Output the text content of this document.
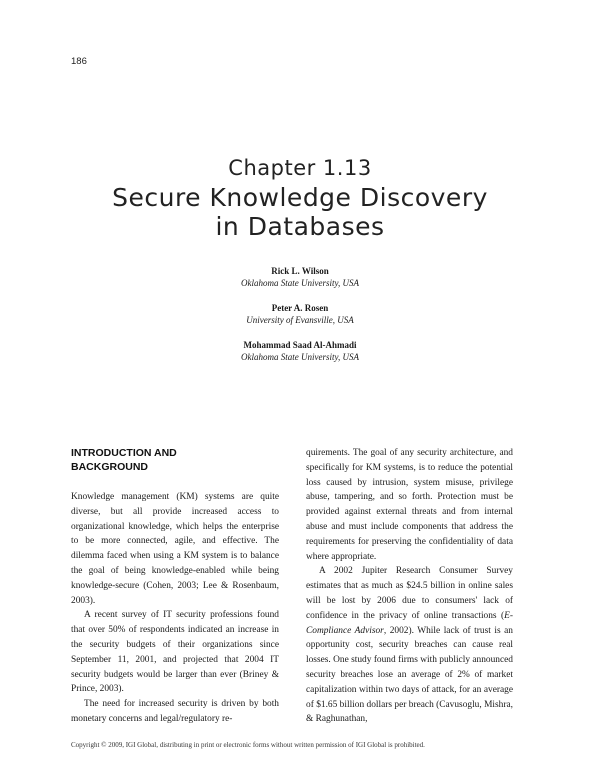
186
Chapter 1.13
Secure Knowledge Discovery
in Databases
Rick L. Wilson
Oklahoma State University, USA
Peter A. Rosen
University of Evansville, USA
Mohammad Saad Al-Ahmadi
Oklahoma State University, USA
INTRODUCTION AND
BACKGROUND

Knowledge management (KM) systems are quite diverse, but all provide increased access to organizational knowledge, which helps the enterprise to be more connected, agile, and effective. The dilemma faced when using a KM system is to balance the goal of being knowledge-enabled while being knowledge-secure (Cohen, 2003; Lee & Rosenbaum, 2003).

A recent survey of IT security professions found that over 50% of respondents indicated an increase in the security budgets of their organizations since September 11, 2001, and projected that 2004 IT security budgets would be larger than ever (Briney & Prince, 2003).

The need for increased security is driven by both monetary concerns and legal/regulatory re-

quirements. The goal of any security architecture, and specifically for KM systems, is to reduce the potential loss caused by intrusion, system misuse, privilege abuse, tampering, and so forth. Protection must be provided against external threats and from internal abuse and must include components that address the requirements for preserving the confidentiality of data where appropriate.

A 2002 Jupiter Research Consumer Survey estimates that as much as $24.5 billion in online sales will be lost by 2006 due to consumers' lack of confidence in the privacy of online transactions (E-Compliance Advisor, 2002). While lack of trust is an opportunity cost, security breaches can cause real losses. One study found firms with publicly announced security breaches lose an average of 2% of market capitalization within two days of attack, for an average of $1.65 billion dollars per breach (Cavusoglu, Mishra, & Raghunathan,

Copyright © 2009, IGI Global, distributing in print or electronic forms without written permission of IGI Global is prohibited.
